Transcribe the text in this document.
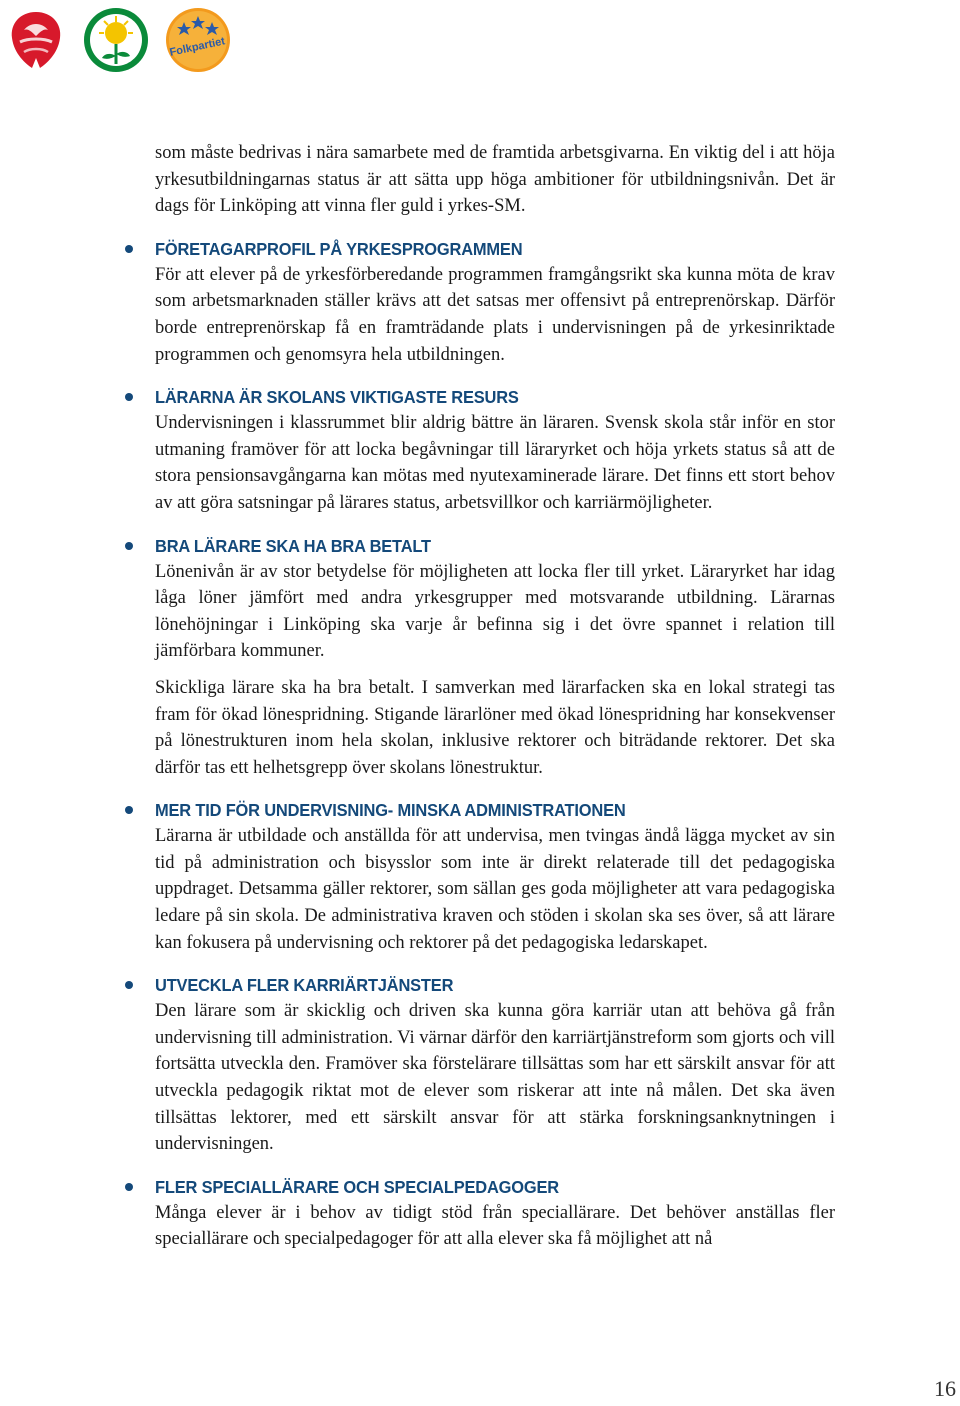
Folkpartiet

som måste bedrivas i nära samarbete med de framtida arbetsgivarna. En viktig del i att höja yrkesutbildningarnas status är att sätta upp höga ambitioner för utbildningsnivån. Det är dags för Linköping att vinna fler guld i yrkes-SM.

FÖRETAGARPROFIL PÅ YRKESPROGRAMMEN

För att elever på de yrkesförberedande programmen framgångsrikt ska kunna möta de krav som arbetsmarknaden ställer krävs att det satsas mer offensivt på entreprenörskap. Därför borde entreprenörskap få en framträdande plats i undervisningen på de yrkesinriktade programmen och genomsyra hela utbildningen.

LÄRARNA ÄR SKOLANS VIKTIGASTE RESURS

Undervisningen i klassrummet blir aldrig bättre än läraren. Svensk skola står inför en stor utmaning framöver för att locka begåvningar till läraryrket och höja yrkets status så att de stora pensionsavgångarna kan mötas med nyutexaminerade lärare. Det finns ett stort behov av att göra satsningar på lärares status, arbetsvillkor och karriärmöjligheter.

BRA LÄRARE SKA HA BRA BETALT

Lönenivån är av stor betydelse för möjligheten att locka fler till yrket. Läraryrket har idag låga löner jämfört med andra yrkesgrupper med motsvarande utbildning. Lärarnas lönehöjningar i Linköping ska varje år befinna sig i det övre spannet i relation till jämförbara kommuner.

Skickliga lärare ska ha bra betalt. I samverkan med lärarfacken ska en lokal strategi tas fram för ökad lönespridning. Stigande lärarlöner med ökad lönespridning har konsekvenser på lönestrukturen inom hela skolan, inklusive rektorer och biträdande rektorer. Det ska därför tas ett helhetsgrepp över skolans lönestruktur.

MER TID FÖR UNDERVISNING- MINSKA ADMINISTRATIONEN

Lärarna är utbildade och anställda för att undervisa, men tvingas ändå lägga mycket av sin tid på administration och bisysslor som inte är direkt relaterade till det pedagogiska uppdraget. Detsamma gäller rektorer, som sällan ges goda möjligheter att vara pedagogiska ledare på sin skola. De administrativa kraven och stöden i skolan ska ses över, så att lärare kan fokusera på undervisning och rektorer på det pedagogiska ledarskapet.

UTVECKLA FLER KARRIÄRTJÄNSTER

Den lärare som är skicklig och driven ska kunna göra karriär utan att behöva gå från undervisning till administration. Vi värnar därför den karriärtjänstreform som gjorts och vill fortsätta utveckla den. Framöver ska förstelärare tillsättas som har ett särskilt ansvar för att utveckla pedagogik riktat mot de elever som riskerar att inte nå målen. Det ska även tillsättas lektorer, med ett särskilt ansvar för att stärka forskningsanknytningen i undervisningen.

FLER SPECIALLÄRARE OCH SPECIALPEDAGOGER

Många elever är i behov av tidigt stöd från speciallärare. Det behöver anställas fler speciallärare och specialpedagoger för att alla elever ska få möjlighet att nå

16
